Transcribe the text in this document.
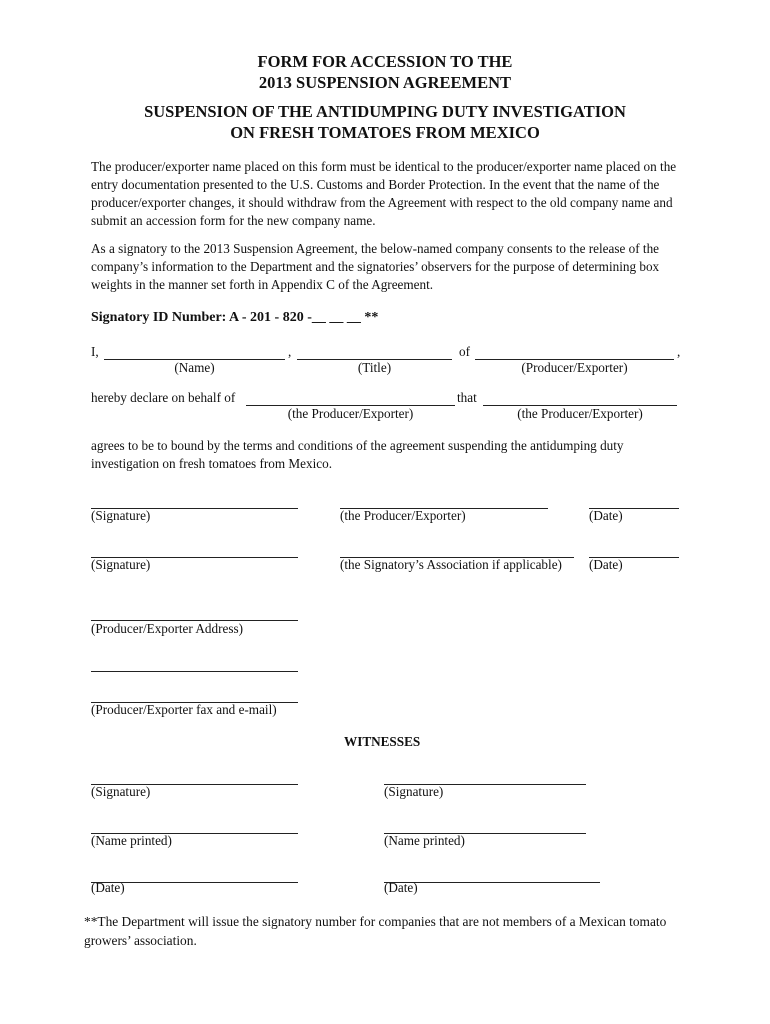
FORM FOR ACCESSION TO THE
2013 SUSPENSION AGREEMENT
SUSPENSION OF THE ANTIDUMPING DUTY INVESTIGATION
ON FRESH TOMATOES FROM MEXICO
The producer/exporter name placed on this form must be identical to the producer/exporter name placed on the entry documentation presented to the U.S. Customs and Border Protection. In the event that the name of the producer/exporter changes, it should withdraw from the Agreement with respect to the old company name and submit an accession form for the new company name.
As a signatory to the 2013 Suspension Agreement, the below-named company consents to the release of the company’s information to the Department and the signatories’ observers for the purpose of determining box weights in the manner set forth in Appendix C of the Agreement.
Signatory ID Number: A - 201 - 820 -__ __ __ **
I,	,	of	,
(Name)	(Title)	(Producer/Exporter)
hereby declare on behalf of	that
(the Producer/Exporter)	(the Producer/Exporter)
agrees to be to bound by the terms and conditions of the agreement suspending the antidumping duty investigation on fresh tomatoes from Mexico.
(Signature)	(the Producer/Exporter)	(Date)
(Signature)	(the Signatory’s Association if applicable) (Date)
(Producer/Exporter Address)
(Producer/Exporter fax and e-mail)
WITNESSES
(Signature)	(Signature)
(Name printed)	(Name printed)
(Date)	(Date)
**The Department will issue the signatory number for companies that are not members of a Mexican tomato growers’ association.
